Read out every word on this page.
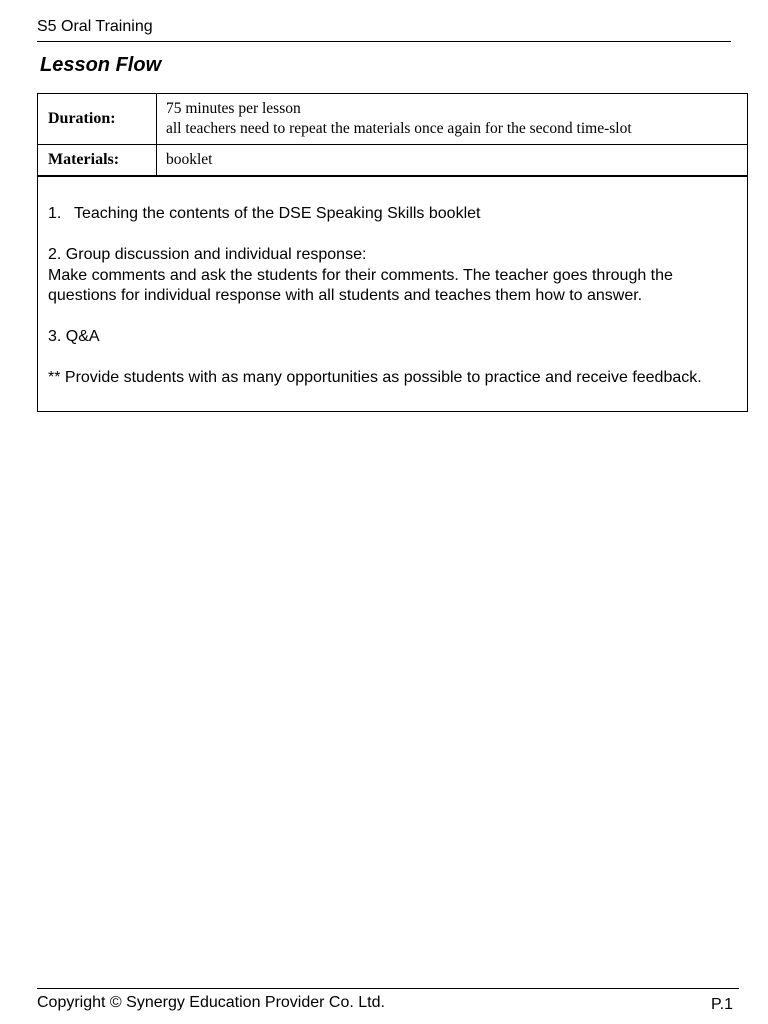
S5 Oral Training
Lesson Flow
Duration:	75 minutes per lesson
all teachers need to repeat the materials once again for the second time-slot

Materials:	booklet

1. Teaching the contents of the DSE Speaking Skills booklet

2. Group discussion and individual response:
Make comments and ask the students for their comments. The teacher goes through the questions for individual response with all students and teaches them how to answer.

3. Q&A

** Provide students with as many opportunities as possible to practice and receive feedback.

Copyright © Synergy Education Provider Co. Ltd.	P.1
